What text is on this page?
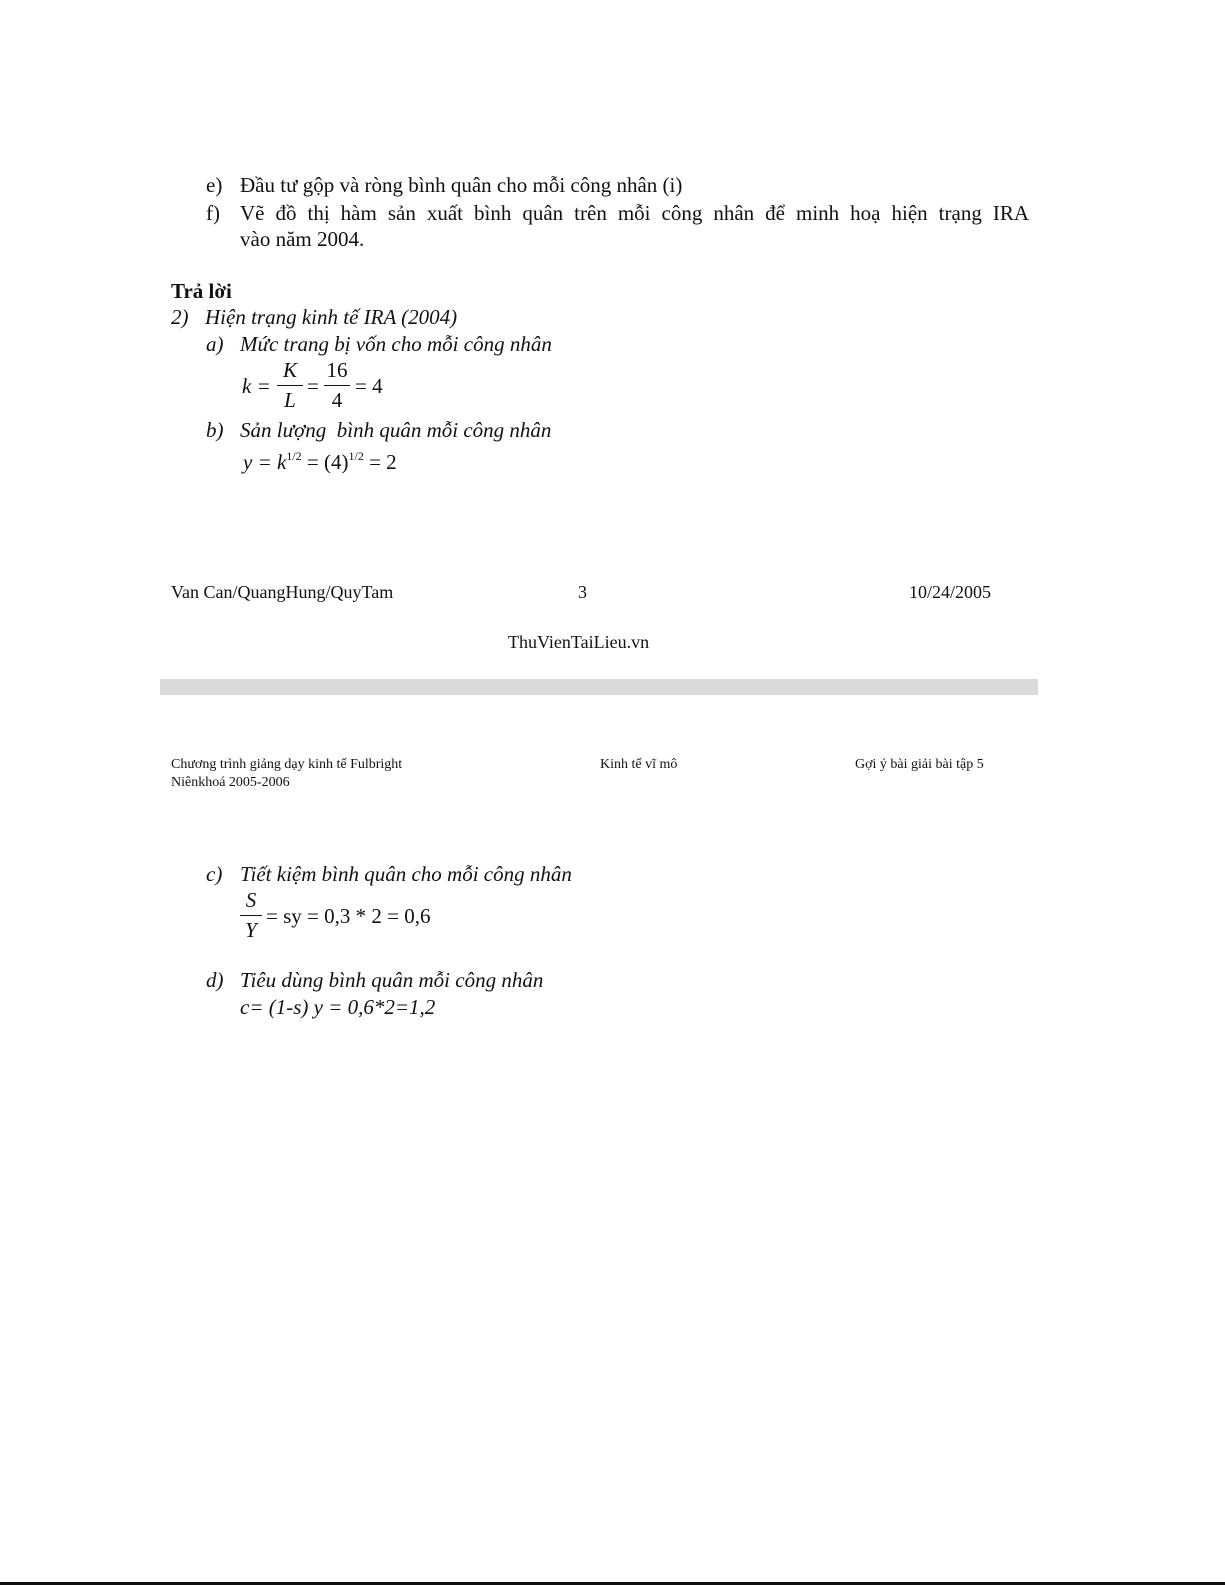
e) Đầu tư gộp và ròng bình quân cho mỗi công nhân (i)
f) Vẽ đồ thị hàm sản xuất bình quân trên mỗi công nhân để minh hoạ hiện trạng IRA
vào năm 2004.
Trả lời
2) Hiện trạng kinh tế IRA (2004)
a) Mức trang bị vốn cho mỗi công nhân
k =
K
L
=
16
4
= 4
b) Sản lượng  bình quân mỗi công nhân
$y = k^{1/2} = (4)^{1/2} = 2$
Van Can/QuangHung/QuyTam	3	10/24/2005
ThuVienTaiLieu.vn
Chương trình giảng dạy kinh tế Fulbright
Niênkhoá 2005-2006
Kinh tế vĩ mô	Gợi ý bài giải bài tập 5
c) Tiết kiệm bình quân cho mỗi công nhân
S
Y
= sy = 0,3 * 2 = 0,6
d) Tiêu dùng bình quân mỗi công nhân
c= (1-s) y = 0,6*2=1,2
